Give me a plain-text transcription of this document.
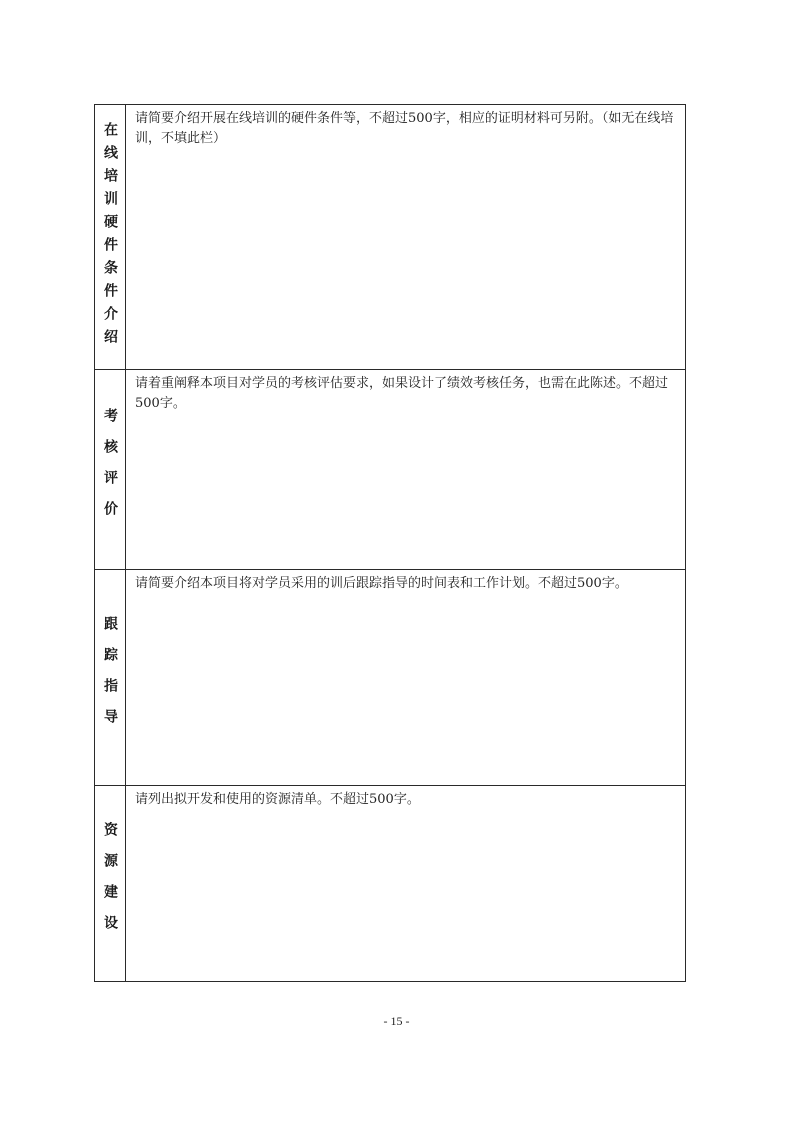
在线培训硬件条件介绍	请简要介绍开展在线培训的硬件条件等，不超过500字，相应的证明材料可另附。（如无在线培训，不填此栏）

考核评价	请着重阐释本项目对学员的考核评估要求，如果设计了绩效考核任务，也需在此陈述。不超过500字。

跟踪指导	请简要介绍本项目将对学员采用的训后跟踪指导的时间表和工作计划。不超过500字。

资源建设	请列出拟开发和使用的资源清单。不超过500字。
- 15 -
